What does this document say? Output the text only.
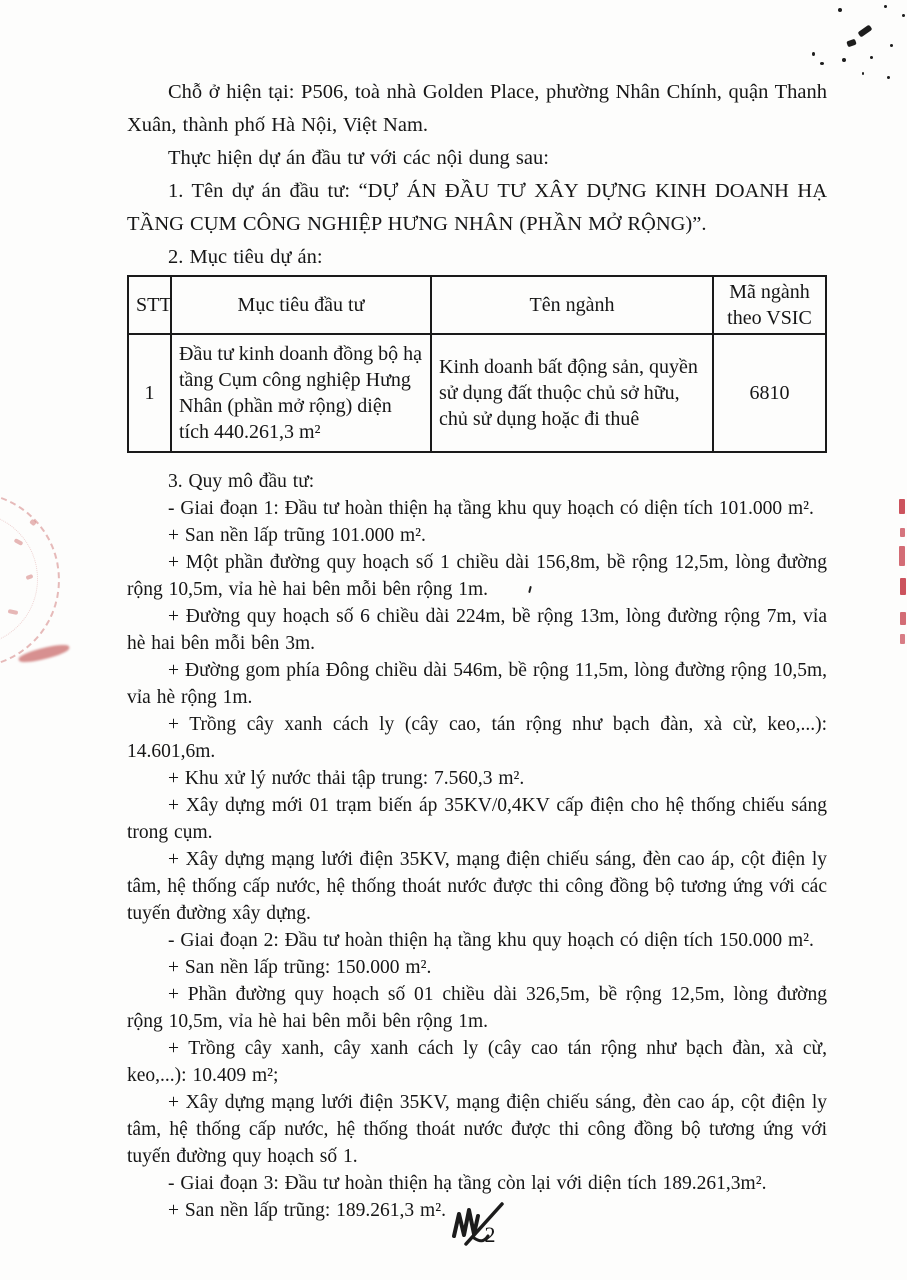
Chỗ ở hiện tại: P506, toà nhà Golden Place, phường Nhân Chính, quận Thanh Xuân, thành phố Hà Nội, Việt Nam.

Thực hiện dự án đầu tư với các nội dung sau:

1. Tên dự án đầu tư: “DỰ ÁN ĐẦU TƯ XÂY DỰNG KINH DOANH HẠ TẦNG CỤM CÔNG NGHIỆP HƯNG NHÂN (PHẦN MỞ RỘNG)”.

2. Mục tiêu dự án:

STT	Mục tiêu đầu tư	Tên ngành	Mã ngành theo VSIC
1	Đầu tư kinh doanh đồng bộ hạ tầng Cụm công nghiệp Hưng Nhân (phần mở rộng) diện tích 440.261,3 m²	Kinh doanh bất động sản, quyền sử dụng đất thuộc chủ sở hữu, chủ sử dụng hoặc đi thuê	6810

3. Quy mô đầu tư:

- Giai đoạn 1: Đầu tư hoàn thiện hạ tầng khu quy hoạch có diện tích 101.000 m².

+ San nền lấp trũng 101.000 m².

+ Một phần đường quy hoạch số 1 chiều dài 156,8m, bề rộng 12,5m, lòng đường rộng 10,5m, vỉa hè hai bên mỗi bên rộng 1m.

+ Đường quy hoạch số 6 chiều dài 224m, bề rộng 13m, lòng đường rộng 7m, vỉa hè hai bên mỗi bên 3m.

+ Đường gom phía Đông chiều dài 546m, bề rộng 11,5m, lòng đường rộng 10,5m, vỉa hè rộng 1m.

+ Trồng cây xanh cách ly (cây cao, tán rộng như bạch đàn, xà cừ, keo,...): 14.601,6m.

+ Khu xử lý nước thải tập trung: 7.560,3 m².

+ Xây dựng mới 01 trạm biến áp 35KV/0,4KV cấp điện cho hệ thống chiếu sáng trong cụm.

+ Xây dựng mạng lưới điện 35KV, mạng điện chiếu sáng, đèn cao áp, cột điện ly tâm, hệ thống cấp nước, hệ thống thoát nước được thi công đồng bộ tương ứng với các tuyến đường xây dựng.

- Giai đoạn 2: Đầu tư hoàn thiện hạ tầng khu quy hoạch có diện tích 150.000 m².

+ San nền lấp trũng: 150.000 m².

+ Phần đường quy hoạch số 01 chiều dài 326,5m, bề rộng 12,5m, lòng đường rộng 10,5m, vỉa hè hai bên mỗi bên rộng 1m.

+ Trồng cây xanh, cây xanh cách ly (cây cao tán rộng như bạch đàn, xà cừ, keo,...): 10.409 m²;

+ Xây dựng mạng lưới điện 35KV, mạng điện chiếu sáng, đèn cao áp, cột điện ly tâm, hệ thống cấp nước, hệ thống thoát nước được thi công đồng bộ tương ứng với tuyến đường quy hoạch số 1.

- Giai đoạn 3: Đầu tư hoàn thiện hạ tầng còn lại với diện tích 189.261,3m².

+ San nền lấp trũng: 189.261,3 m².

2
